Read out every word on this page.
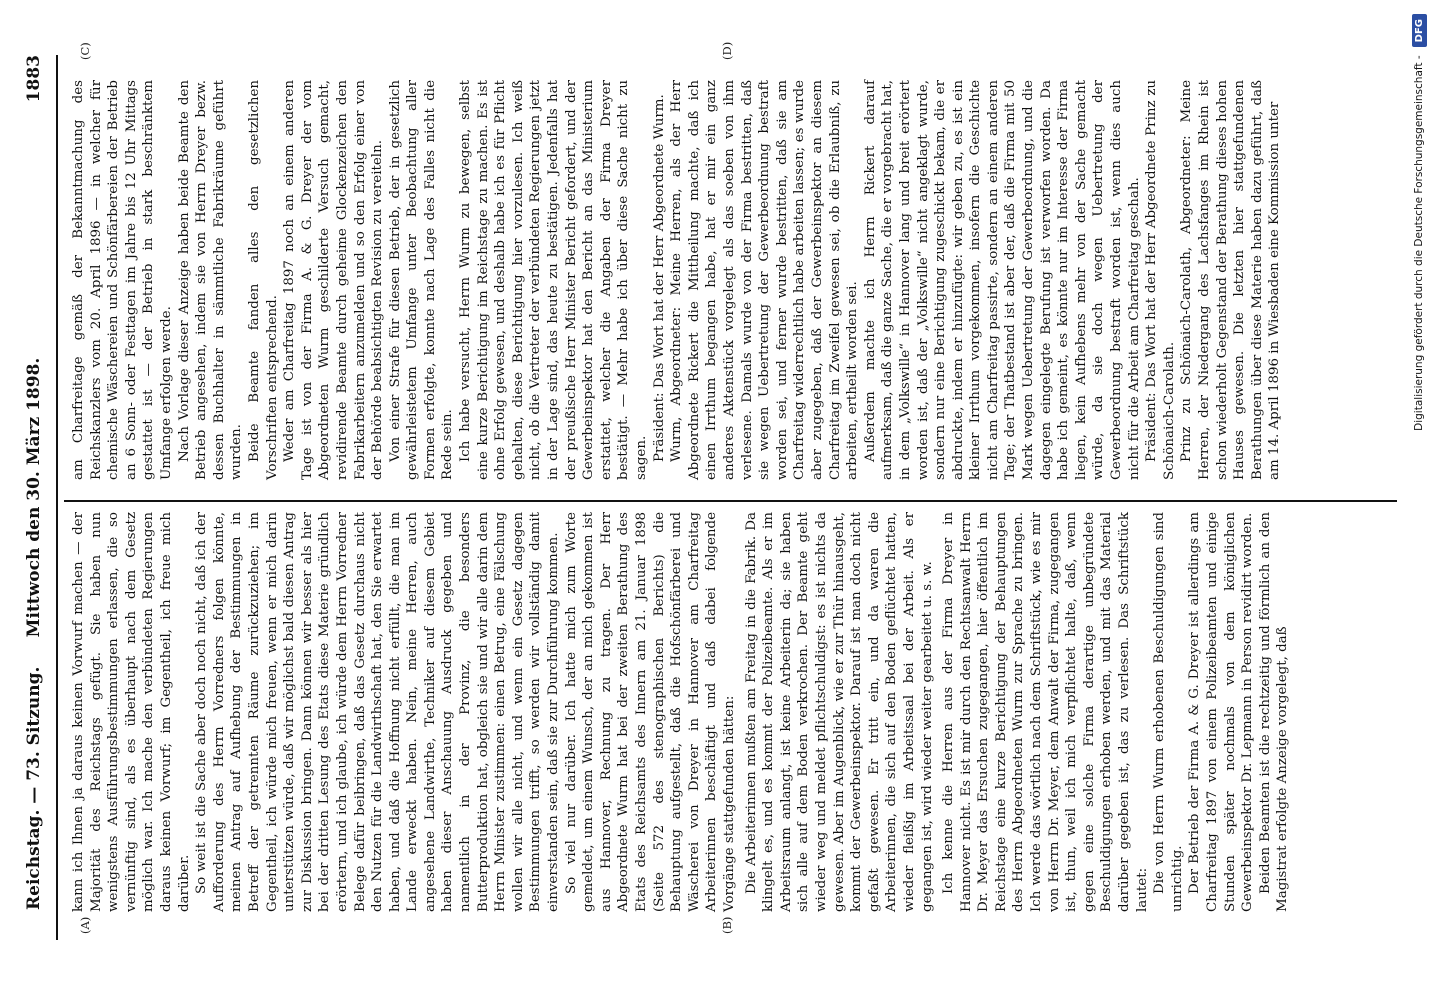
Reichstag. — 73. Sitzung.
Mittwoch den 30. März 1898.
1883
(A)	(B)
(C)	(D)

kann ich Ihnen ja daraus keinen Vorwurf machen — der Majorität des Reichstags gefügt. Sie haben nun wenigstens Ausführungsbestimmungen erlassen, die so vernünftig sind, als es überhaupt nach dem Gesetz möglich war. Ich mache den verbündeten Regierungen daraus keinen Vorwurf; im Gegentheil, ich freue mich darüber. So weit ist die Sache aber doch noch nicht, daß ich der Aufforderung des Herrn Vorredners folgen könnte, meinen Antrag auf Aufhebung der Bestimmungen in Betreff der getrennten Räume zurückzuziehen; im Gegentheil, ich würde mich freuen, wenn er mich darin unterstützen würde, daß wir möglichst bald diesen Antrag zur Diskussion bringen. Dann können wir besser als hier bei der dritten Lesung des Etats diese Materie gründlich erörtern, und ich glaube, ich würde dem Herrn Vorredner Belege dafür beibringen, daß das Gesetz durchaus nicht den Nutzen für die Landwirthschaft hat, den Sie erwartet haben, und daß die Hoffnung nicht erfüllt, die man im Lande erweckt haben. Nein, meine Herren, auch angesehene Landwirthe, Techniker auf diesem Gebiet haben dieser Anschauung Ausdruck gegeben und namentlich in der Provinz, die besonders Butterproduktion hat, obgleich sie und wir alle darin dem Herrn Minister zustimmen: einen Betrug, eine Fälschung wollen wir alle nicht, und wenn ein Gesetz dagegen Bestimmungen trifft, so werden wir vollständig damit einverstanden sein, daß sie zur Durchführung kommen. So viel nur darüber. Ich hatte mich zum Worte gemeldet, um einem Wunsch, der an mich gekommen ist aus Hannover, Rechnung zu tragen. Der Herr Abgeordnete Wurm hat bei der zweiten Berathung des Etats des Reichsamts des Innern am 21. Januar 1898 (Seite 572 des stenographischen Berichts) die Behauptung aufgestellt, daß die Hofschönfärberei und Wäscherei von Dreyer in Hannover am Charfreitag Arbeiterinnen beschäftigt und daß dabei folgende Vorgänge stattgefunden hätten: Die Arbeiterinnen mußten am Freitag in die Fabrik. Da klingelt es, und es kommt der Polizeibeamte. Als er im Arbeitsraum anlangt, ist keine Arbeiterin da; sie haben sich alle auf dem Boden verkrochen. Der Beamte geht wieder weg und meldet pflichtschuldigst: es ist nichts da gewesen. Aber im Augenblick, wie er zur Thür hinausgeht, kommt der Gewerbeinspektor. Darauf ist man doch nicht gefaßt gewesen. Er tritt ein, und da waren die Arbeiterinnen, die sich auf den Boden geflüchtet hatten, wieder fleißig im Arbeitssaal bei der Arbeit. Als er gegangen ist, wird wieder weiter gearbeitet u. s. w. Ich kenne die Herren aus der Firma Dreyer in Hannover nicht. Es ist mir durch den Rechtsanwalt Herrn Dr. Meyer das Ersuchen zugegangen, hier öffentlich im Reichstage eine kurze Berichtigung der Behauptungen des Herrn Abgeordneten Wurm zur Sprache zu bringen. Ich werde das wörtlich nach dem Schriftstück, wie es mir von Herrn Dr. Meyer, dem Anwalt der Firma, zugegangen ist, thun, weil ich mich verpflichtet halte, daß, wenn gegen eine solche Firma derartige unbegründete Beschuldigungen erhoben werden, und mit das Material darüber gegeben ist, das zu verlesen. Das Schriftstück lautet: Die von Herrn Wurm erhobenen Beschuldigungen sind unrichtig. Der Betrieb der Firma A. & G. Dreyer ist allerdings am Charfreitag 1897 von einem Polizeibeamten und einige Stunden später nochmals von dem königlichen Gewerbeinspektor Dr. Lepmann in Person revidirt worden. Beiden Beamten ist die rechtzeitig und förmlich an den Magistrat erfolgte Anzeige vorgelegt, daß

am Charfreitage gemäß der Bekanntmachung des Reichskanzlers vom 20. April 1896 — in welcher für chemische Wäschereien und Schönfärbereien der Betrieb an 6 Sonn- oder Festtagen im Jahre bis 12 Uhr Mittags gestattet ist — der Betrieb in stark beschränktem Umfange erfolgen werde. Nach Vorlage dieser Anzeige haben beide Beamte den Betrieb angesehen, indem sie von Herrn Dreyer bezw. dessen Buchhalter in sämmtliche Fabrikräume geführt wurden. Beide Beamte fanden alles den gesetzlichen Vorschriften entsprechend. Weder am Charfreitag 1897 noch an einem anderen Tage ist von der Firma A. & G. Dreyer der vom Abgeordneten Wurm geschilderte Versuch gemacht, revidirende Beamte durch geheime Glockenzeichen den Fabrikarbeitern anzumelden und so den Erfolg einer von der Behörde beabsichtigten Revision zu vereiteln. Von einer Strafe für diesen Betrieb, der in gesetzlich gewährleistetem Umfange unter Beobachtung aller Formen erfolgte, konnte nach Lage des Falles nicht die Rede sein. Ich habe versucht, Herrn Wurm zu bewegen, selbst eine kurze Berichtigung im Reichstage zu machen. Es ist ohne Erfolg gewesen, und deshalb habe ich es für Pflicht gehalten, diese Berichtigung hier vorzulesen. Ich weiß nicht, ob die Vertreter der verbündeten Regierungen jetzt in der Lage sind, das heute zu bestätigen. Jedenfalls hat der preußische Herr Minister Bericht gefordert, und der Gewerbeinspektor hat den Bericht an das Ministerium erstattet, welcher die Angaben der Firma Dreyer bestätigt. — Mehr habe ich über diese Sache nicht zu sagen. Präsident: Das Wort hat der Herr Abgeordnete Wurm. Wurm, Abgeordneter: Meine Herren, als der Herr Abgeordnete Rickert die Mittheilung machte, daß ich einen Irrthum begangen habe, hat er mir ein ganz anderes Aktenstück vorgelegt als das soeben von ihm verlesene. Damals wurde von der Firma bestritten, daß sie wegen Uebertretung der Gewerbeordnung bestraft worden sei, und ferner wurde bestritten, daß sie am Charfreitag widerrechtlich habe arbeiten lassen; es wurde aber zugegeben, daß der Gewerbeinspektor an diesem Charfreitag im Zweifel gewesen sei, ob die Erlaubniß, zu arbeiten, ertheilt worden sei. Außerdem machte ich Herrn Rickert darauf aufmerksam, daß die ganze Sache, die er vorgebracht hat, in dem „Volkswille“ in Hannover lang und breit erörtert worden ist, daß der „Volkswille“ nicht angeklagt wurde, sondern nur eine Berichtigung zugeschickt bekam, die er abdruckte, indem er hinzufügte: wir geben zu, es ist ein kleiner Irrthum vorgekommen, insofern die Geschichte nicht am Charfreitag passirte, sondern an einem anderen Tage; der Thatbestand ist aber der, daß die Firma mit 50 Mark wegen Uebertretung der Gewerbeordnung, und die dagegen eingelegte Berufung ist verworfen worden. Da habe ich gemeint, es könnte nur im Interesse der Firma liegen, kein Aufhebens mehr von der Sache gemacht würde, da sie doch wegen Uebertretung der Gewerbeordnung bestraft worden ist, wenn dies auch nicht für die Arbeit am Charfreitag geschah. Präsident: Das Wort hat der Herr Abgeordnete Prinz zu Schönaich-Carolath. Prinz zu Schönaich-Carolath, Abgeordneter: Meine Herren, der Niedergang des Lachsfanges im Rhein ist schon wiederholt Gegenstand der Berathung dieses hohen Hauses gewesen. Die letzten hier stattgefundenen Berathungen über diese Materie haben dazu geführt, daß am 14. April 1896 in Wiesbaden eine Kommission unter	Digitalisierung gefördert durch die Deutsche Forschungsgemeinschaft -
DFG
